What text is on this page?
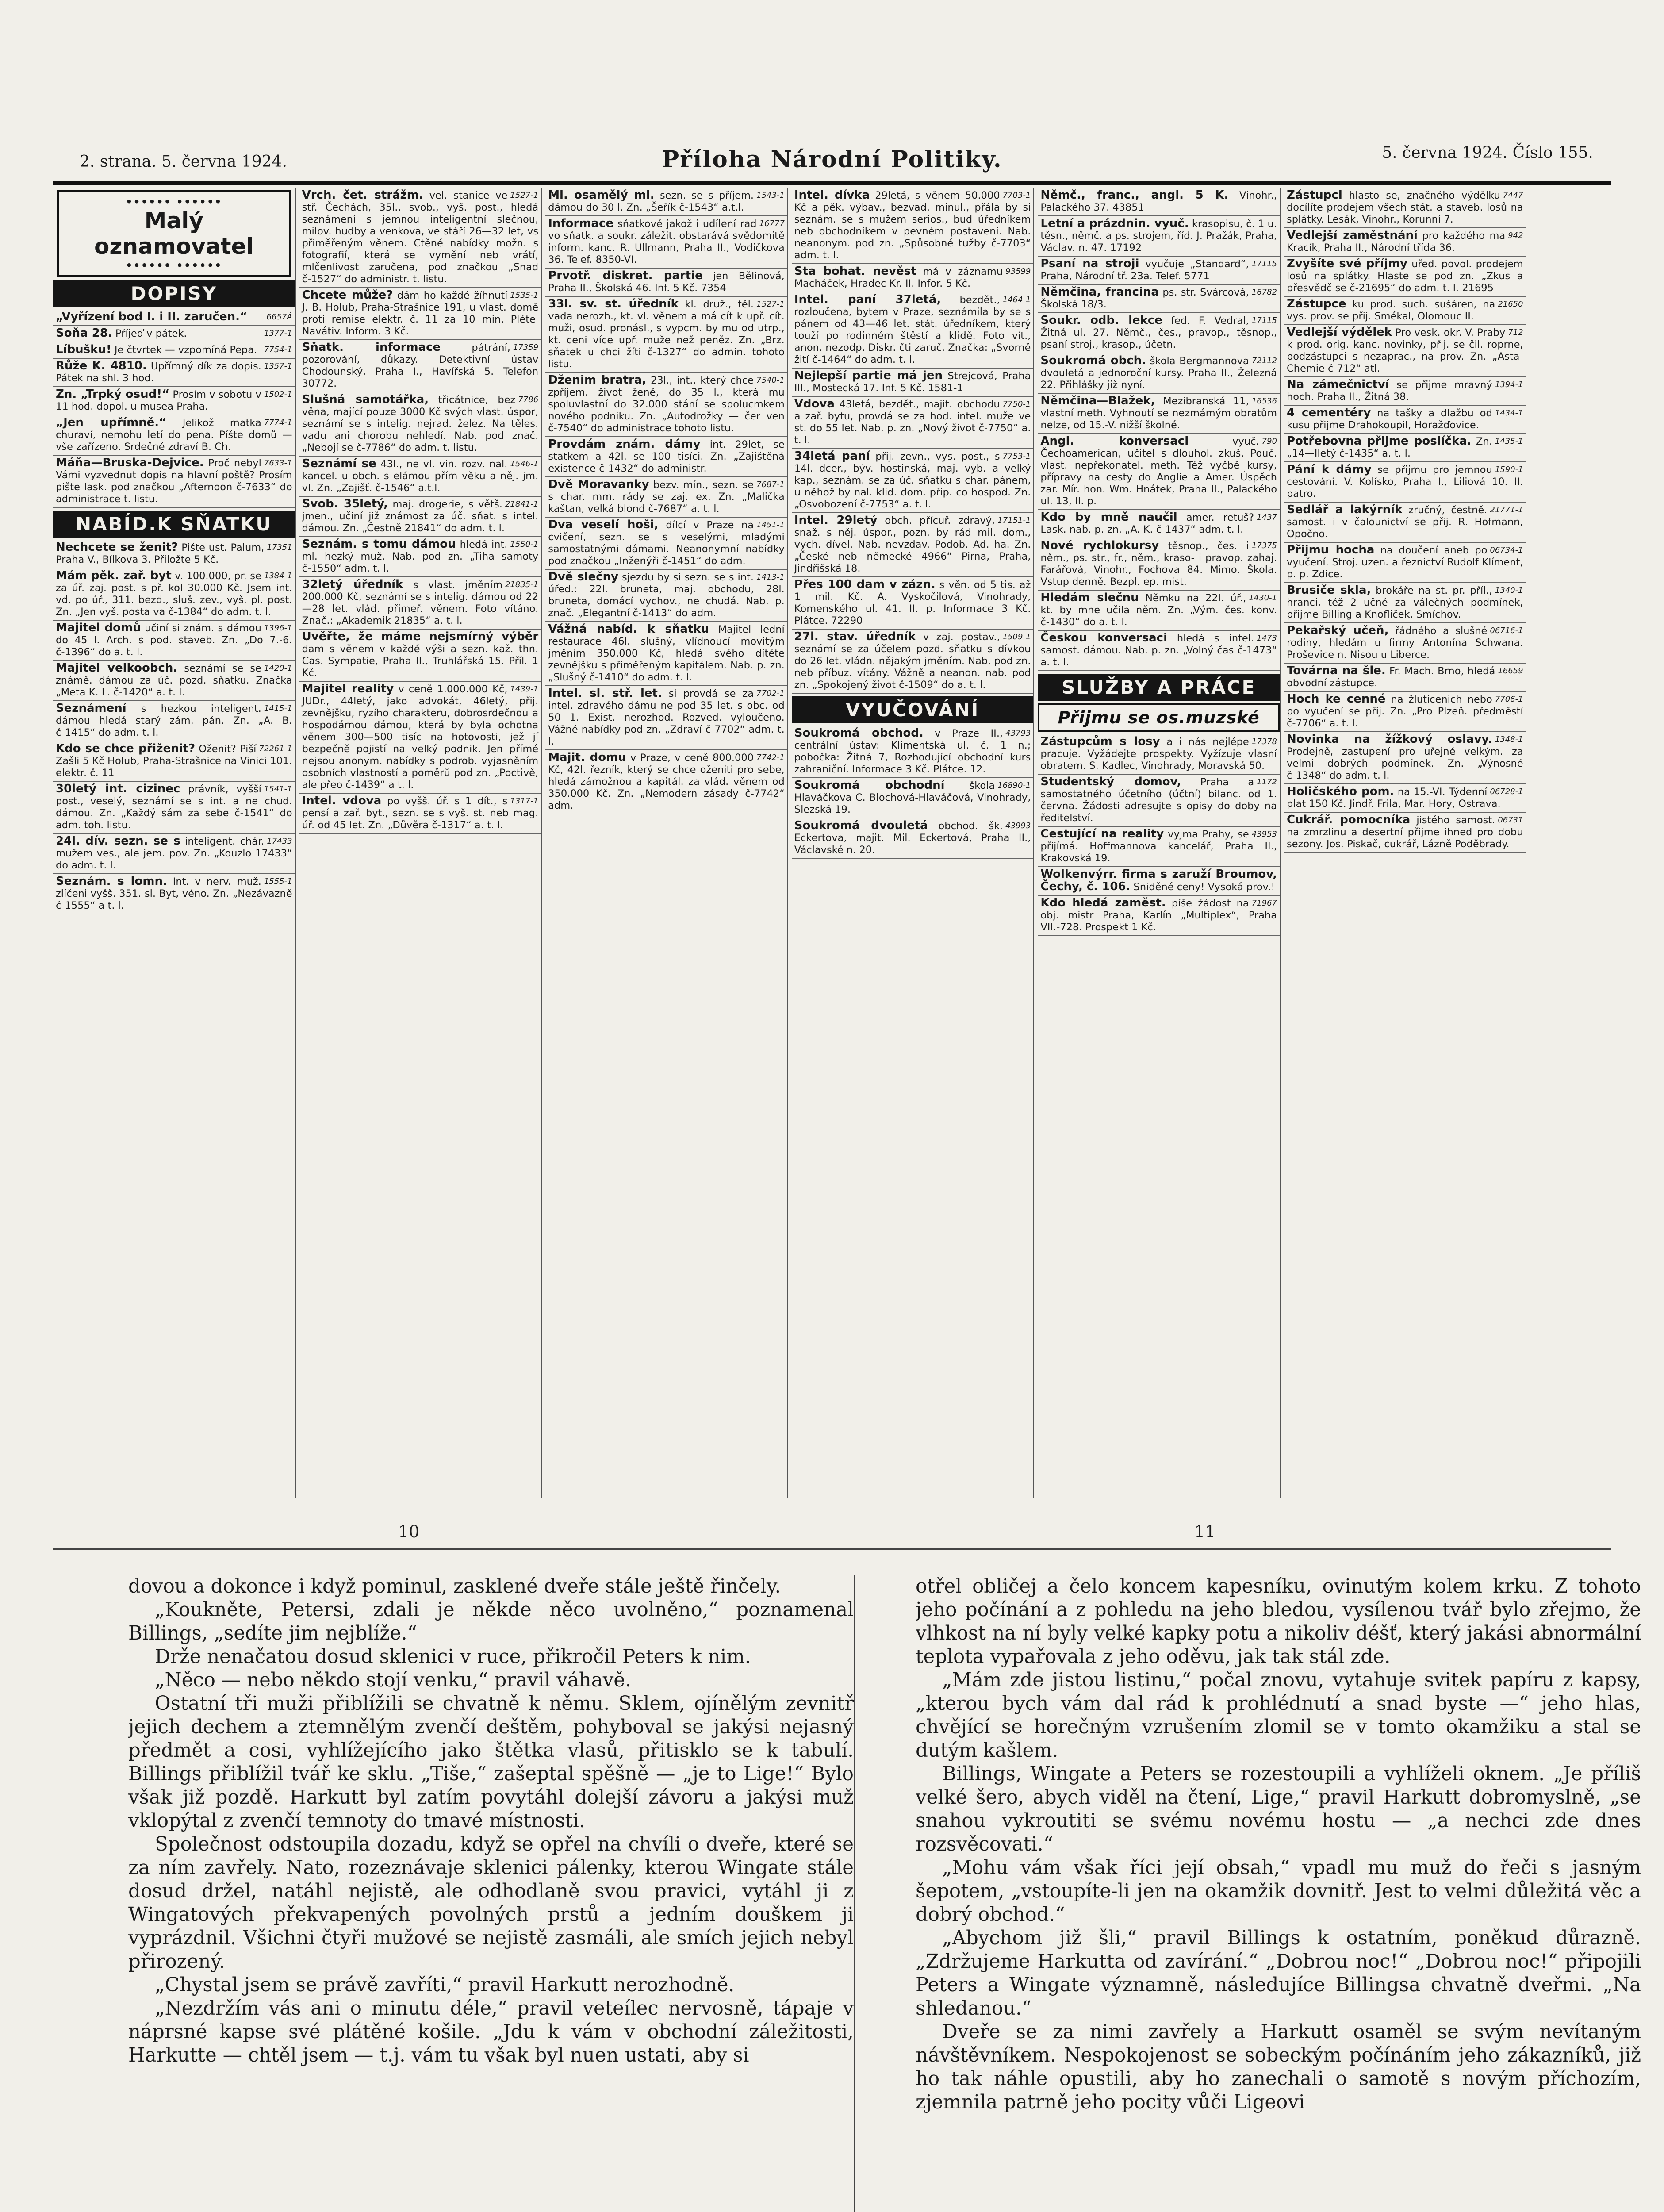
2. strana. 5. června 1924.	Příloha Národní Politiky.	5. června 1924. Číslo 155.
•••••• ••••••
Malý
oznamovatel
•••••• ••••••
DOPISY
6657Á
„Vyřízení bod I. i II. zaručen.“
1377-1
Soňa 28. Příjeď v pátek.
7754-1
Líbušku! Je čtvrtek — vzpomíná Pepa.
1357-1
Růže K. 4810. Upřímný dík za dopis. Pátek na shl. 3 hod.
1502-1
Zn. „Trpký osud!“ Prosím v sobotu v 11 hod. dopol. u musea Praha.
7774-1
„Jen upřímně.“ Jelikož matka churaví, nemohu letí do pena. Píšte domů — vše zařízeno. Srdečné zdraví B. Ch.
7633-1
Máňa—Bruska-Dejvice. Proč nebyl Vámi vyzvednut dopis na hlavní poště? Prosím pište lask. pod značkou „Afternoon č-7633“ do administrace t. listu.
NABÍD.K SŇATKU
17351
Nechcete se ženit? Pište ust. Palum, Praha V., Bílkova 3. Přiložte 5 Kč.
1384-1
Mám pěk. zař. byt v. 100.000, pr. se za úř. zaj. post. s př. kol 30.000 Kč. Jsem int. vd. po úř., 311. bezd., sluš. zev., vyš. pl. post. Zn. „Jen vyš. posta va č-1384“ do adm. t. l.
1396-1
Majitel domů učiní si znám. s dámou do 45 l. Arch. s pod. staveb. Zn. „Do 7.-6. č-1396“ do a. t. l.
1420-1
Majitel velkoobch. seznámí se se známě. dámou za úč. pozd. sňatku. Značka „Meta K. L. č-1420“ a. t. l.
1415-1
Seznámení s hezkou inteligent. dámou hledá starý zám. pán. Zn. „A. B. č-1415“ do adm. t. l.
72261-1
Kdo se chce přiženit? Oženit? Piší Zašli 5 Kč Holub, Praha-Strašnice na Vinici 101. elektr. č. 11
1541-1
30letý int. cizinec právník, vyšší post., veselý, seznámí se s int. a ne chud. dámou. Zn. „Každý sám za sebe č-1541“ do adm. toh. listu.
17433
24l. dív. sezn. se s inteligent. chár. mužem ves., ale jem. pov. Zn. „Kouzlo 17433“ do adm. t. l.
1555-1
Seznám. s lomn. Int. v nerv. muž. zlíčeni vyšš. 351. sl. Byt, véno. Zn. „Nezávazně č-1555“ a t. l.
1527-1
Vrch. čet. strážm. vel. stanice ve stř. Čechách, 35l., svob., vyš. post., hledá seznámení s jemnou inteligentní slečnou, milov. hudby a venkova, ve stáří 26—32 let, vs přiměřeným věnem. Ctěné nabídky možn. s fotografií, která se vymění neb vrátí, mlčenlivost zaručena, pod značkou „Snad č-1527“ do administr. t. listu.
1535-1
Chcete může? dám ho každé žíhnutí J. B. Holub, Praha-Strašnice 191, u vlast. domě proti remise elektr. č. 11 za 10 min. Plétel Navátiv. Inform. 3 Kč.
17359
Sňatk. informace	pátrání, pozorování, důkazy. Detektivní ústav Chodounský, Praha I., Havířská 5. Telefon 30772.
7786
Slušná samotářka, třicátnice, bez věna, mající pouze 3000 Kč svých vlast. úspor, seznámí se s intelig. nejrad. želez. Na těles. vadu ani chorobu nehledí. Nab. pod znač. „Nebojí se č-7786“ do adm. t. listu.
1546-1
Seznámí se 43l., ne vl. vin. rozv. nal. kancel. u obch. s elámou přím věku a něj. jm. vl. Zn. „Zajišť. č-1546“ a.t.l.
21841-1
Svob. 35letý, maj. drogerie, s větš. jmen., učiní již známost za úč. sňat. s intel. dámou. Zn. „Čestně 21841“ do adm. t. l.
1550-1
Seznám. s tomu dámou hledá int. ml. hezký muž. Nab. pod zn. „Tiha samoty č-1550“ adm. t. l.
21835-1
32letý úředník s vlast. jměním 200.000 Kč, seznámí se s intelig. dámou od 22—28 let. vlád. přimeř. věnem. Foto vítáno. Znač.: „Akademik 21835“ a. t. l.
Uvěřte, že máme nejsmírný výběr dam s věnem v každé výši a sezn. kaž. thn. Cas. Sympatie, Praha II., Truhlářská 15. Příl. 1 Kč.
1439-1
Majitel reality v ceně 1.000.000 Kč, JUDr., 44letý, jako advokát, 46letý, přij. zevnějšku, ryzího charakteru, dobrosrdečnou a hospodárnou dámou, která by byla ochotna věnem 300—500 tisíc na hotovosti, jež jí bezpečně pojistí na velký podnik. Jen přímé nejsou anonym. nabídky s podrob. vyjasněním osobních vlastností a poměrů pod zn. „Poctivě, ale přeo č-1439“ a t. l.
1317-1
Intel. vdova po vyšš. úř. s 1 dít., s pensí a zař. byt., sezn. se s vyš. st. neb mag. úř. od 45 let. Zn. „Důvěra č-1317“ a. t. l.
1543-1
Ml. osamělý ml. sezn. se s příjem. dámou do 30 l. Zn. „Šeřík č-1543“ a.t.l.
16777
Informace sňatkové jakož i udílení rad vo sňatk. a soukr. záležit. obstarává svědomitě inform. kanc. R. Ullmann, Praha II., Vodičkova 36. Telef. 8350-VI.
Prvotř. diskret. partie jen Bělinová, Praha II., Školská 46. Inf. 5 Kč. 7354
1527-1
33l. sv. st. úředník kl. druž., těl. vada nerozh., kt. vl. věnem a má cít k upř. cít. muži, osud. pronásl., s vypcm. by mu od utrp., kt. ceni více upř. muže než peněz. Zn. „Brz. sňatek u chci žíti č-1327“ do admin. tohoto listu.
7540-1
Dženim bratra, 23l., int., který chce zpříjem. život ženě, do 35 l., která mu spoluvlastní do 32.000 stání se spolucmkem nového podniku. Zn. „Autodrožky — čer ven č-7540“ do administrace tohoto listu.
Provdám znám. dámy int. 29let, se statkem a 42l. se 100 tisíci. Zn. „Zajištěná existence č-1432“ do administr.
7687-1
Dvě Moravanky bezv. mín., sezn. se s char. mm. rády se zaj. ex. Zn. „Malička kaštan, velká blond č-7687“ a. t. l.
1451-1
Dva veselí hoši, dílcí v Praze na cvičení, sezn. se s veselými, mladými samostatnými dámami. Neanonymní nabídky pod značkou „Inženýři č-1451“ do adm.
1413-1
Dvě slečny sjezdu by si sezn. se s int. úřed.: 22l. bruneta, maj. obchodu, 28l. bruneta, domácí vychov., ne chudá. Nab. p. znač. „Elegantní č-1413“ do adm.
Vážná nabíd. k sňatku Majitel lední restaurace 46l. slušný, vlídnoucí movitým jměním 350.000 Kč, hledá svého dítěte zevnějšku s přiměřeným kapitálem. Nab. p. zn. „Slušný č-1410“ do adm. t. l.
7702-1
Intel. sl. stř. let. si provdá se za intel. zdravého dámu ne pod 35 let. s obc. od 50 1. Exist. nerozhod. Rozved. vyloučeno. Vážné nabídky pod zn. „Zdraví č-7702“ adm. t. l.
7742-1
Majit. domu v Praze, v ceně 800.000 Kč, 42l. řezník, který se chce oženiti pro sebe, hledá zámožnou a kapitál. za vlád. věnem od 350.000 Kč. Zn. „Nemodern zásady č-7742“ adm.
7703-1
Intel. dívka 29letá, s věnem 50.000 Kč a pěk. výbav., bezvad. minul., přála by si seznám. se s mužem serios., bud úředníkem neb obchodníkem v pevném postavení. Nab. neanonym. pod zn. „Spůsobné tužby č-7703“ adm. t. l.
93599
Sta bohat. nevěst má v záznamu Macháček, Hradec Kr. II. Infor. 5 Kč.
1464-1
Intel. paní 37letá, bezdět., rozloučena, bytem v Praze, seznámila by se s pánem od 43—46 let. stát. úředníkem, který touží po rodinném štěstí a klidě. Foto vít., anon. nezodp. Diskr. čti zaruč. Značka: „Svorně žití č-1464“ do adm. t. l.
Nejlepší partie má jen Strejcová, Praha III., Mostecká 17. Inf. 5 Kč. 1581-1
7750-1
Vdova 43letá, bezdět., majit. obchodu a zař. bytu, provdá se za hod. intel. muže ve st. do 55 let. Nab. p. zn. „Nový život č-7750“ a. t. l.
7753-1
34letá paní přij. zevn., vys. post., s 14l. dcer., býv. hostinská, maj. vyb. a velký kap., seznám. se za úč. sňatku s char. pánem, u něhož by nal. klid. dom. přip. co hospod. Zn. „Osvobození č-7753“ a. t. l.
17151-1
Intel. 29letý obch. přícuř. zdravý, snaž. s něj. úspor., pozn. by rád mil. dom., vych. dível. Nab. nevzdav. Podob. Ad. ha. Zn. „České neb německé 4966“ Pirna, Praha, Jindřišská 18.
Přes 100 dam v zázn. s věn. od 5 tis. až 1 mil. Kč. A. Vyskočilová, Vinohrady, Komenského ul. 41. II. p. Informace 3 Kč. Plátce. 72290
1509-1
27l. stav. úředník v zaj. postav., seznámí se za účelem pozd. sňatku s dívkou do 26 let. vládn. nějakým jměním. Nab. pod zn. neb příbuz. vítány. Vážně a neanon. nab. pod zn. „Spokojený život č-1509“ do a. t. l.
VYUČOVÁNÍ
43793
Soukromá obchod. v Praze II., centrální ústav: Klimentská ul. č. 1 n.; pobočka: Žitná 7, Rozhodující obchodní kurs zahraniční. Informace 3 Kč. Plátce. 12.
16890-1
Soukromá obchodní škola Hlaváčkova C. Blochová-Hlaváčová, Vinohrady, Slezská 19.
43993
Soukromá dvouletá obchod. šk. Eckertova, majit. Mil. Eckertová, Praha II., Václavské n. 20.
Němč., franc., angl. 5 K. Vinohr., Palackého 37. 43851
Letní a prázdnin. vyuč. krasopisu, č. 1 u. těsn., němč. a ps. strojem, říd. J. Pražák, Praha, Václav. n. 47. 17192
17115
Psaní na stroji vyučuje „Standard“, Praha, Národní tř. 23a. Telef. 5771
16782
Němčina, francina ps. str. Svárcová, Školská 18/3.
17115
Soukr. odb. lekce fed. F. Vedral, Žitná ul. 27. Němč., čes., pravop., těsnop., psaní stroj., krasop., účetn.
72112
Soukromá obch. škola Bergmannova dvouletá a jednoroční kursy. Praha II., Železná 22. Přihlášky již nyní.
16536
Němčina—Blažek, Mezibranská 11, vlastní meth. Vyhnoutí se nezmámým obratům nelze, od 15.-V. nižší školné.
790
Angl. konversaci	vyuč. Čechoamerican, učitel s dlouhol. zkuš. Pouč. vlast. nepřekonatel. meth. Též vyčbě kursy, přípravy na cesty do Anglie a Amer. Úspěch zar. Mír. hon. Wm. Hnátek, Praha II., Palackého ul. 13, II. p.
1437
Kdo by mně naučil amer. retuš? Lask. nab. p. zn. „A. K. č-1437“ adm. t. l.
17375
Nové rychlokursy těsnop., čes. i něm., ps. str., fr., něm., kraso- i pravop. zahaj. Farářová, Vinohr., Fochova 84. Mimo. Škola. Vstup denně. Bezpl. ep. mist.
1430-1
Hledám slečnu Němku na 22l. úř., kt. by mne učila něm. Zn. „Vým. čes. konv. č-1430“ do a. t. l.
1473
Českou konversaci hledá s intel. samost. dámou. Nab. p. zn. „Volný čas č-1473“ a. t. l.
SLUŽBY A PRÁCE
Přijmu se os.muzské
17378
Zástupcům s losy a i nás nejlépe pracuje. Vyžádejte prospekty. Vyžízuje vlasní obratem. S. Kadlec, Vinohrady, Moravská 50.
1172
Studentský domov, Praha a samostatného účetního (účtní) bilanc. od 1. června. Žádosti adresujte s opisy do doby na ředitelství.
43953
Cestující na reality vyjma Prahy, se přijímá. Hoffmannova kancelář, Praha II., Krakovská 19.
Wolkenvýrr. firma s zaruží Broumov, Čechy, č. 106. Sniděné ceny! Vysoká prov.!
71967
Kdo hledá zaměst. píše žádost na obj. mistr Praha, Karlín „Multiplex“, Praha VII.-728. Prospekt 1 Kč.
7447
Zástupci hlasto se, značného výdělku docílíte prodejem všech stát. a staveb. losů na splátky. Lesák, Vinohr., Korunní 7.
942
Vedlejší zaměstnání pro každého ma Kracík, Praha II., Národní třída 36.
Zvyšíte své příjmy uřed. povol. prodejem losů na splátky. Hlaste se pod zn. „Zkus a přesvědč se č-21695“ do adm. t. l. 21695
21650
Zástupce ku prod. such. sušáren, na vys. prov. se přij. Smékal, Olomouc II.
712
Vedlejší výdělek Pro vesk. okr. V. Praby k prod. orig. kanc. novinky, přij. se čil. roprne, podzástupci s nezaprac., na prov. Zn. „Asta-Chemie č-712“ atl.
1394-1
Na zámečnictví se přijme mravný hoch. Praha II., Žitná 38.
1434-1
4 cementéry na tašky a dlažbu od kusu přijme Drahokoupil, Horažďovice.
1435-1
Potřebovna přijme poslíčka. Zn. „14—Iletý č-1435“ a. t. l.
1590-1
Pání k dámy se přijmu pro jemnou cestování. V. Kolísko, Praha I., Liliová 10. II. patro.
21771-1
Sedlář a lakýrník zručný, čestně. samost. i v čalounictví se přij. R. Hofmann, Opočno.
06734-1
Přijmu hocha na doučení aneb po vyučení. Stroj. uzen. a řeznictví Rudolf Klíment, p. p. Zdice.
1340-1
Brusiče skla, brokáře na st. pr. příl., hranci, též 2 učně za válečných podmínek, přijme Billing a Knofliček, Smíchov.
06716-1
Pekařský učeň, řádného a slušné rodiny, hledám u firmy Antonína Schwana. Proševice n. Nisou u Liberce.
16659
Továrna na šle. Fr. Mach. Brno, hledá obvodní zástupce.
7706-1
Hoch ke cenné na žluticenich nebo po vyučení se přij. Zn. „Pro Plzeň. předměstí č-7706“ a. t. l.
1348-1
Novinka na žížkový oslavy. Prodejně, zastupení pro uřejné velkým. za velmi dobrých podmínek. Zn. „Výnosné č-1348“ do adm. t. l.
06728-1
Holičského pom. na 15.-VI. Týdenní plat 150 Kč. Jindř. Frila, Mar. Hory, Ostrava.
06731
Cukrář. pomocníka jistého samost. na zmrzlinu a desertní přijme ihned pro dobu sezony. Jos. Piskač, cukrář, Lázně Poděbrady.
10	11

dovou a dokonce i když pominul, zasklené dveře stále ještě řinčely.

„Koukněte, Petersi, zdali je někde něco uvolněno,“ poznamenal Billings, „sedíte jim nejblíže.“

Drže nenačatou dosud sklenici v ruce, přikročil Peters k nim.

„Něco — nebo někdo stojí venku,“ pravil váhavě.

Ostatní tři muži přiblížili se chvatně k němu. Sklem, ojínělým zevnitř jejich dechem a ztemnělým zvenčí deštěm, pohyboval se jakýsi nejasný předmět a cosi, vyhlížejícího jako štětka vlasů, přitisklo se k tabulí. Billings přiblížil tvář ke sklu. „Tiše,“ zašeptal spěšně — „je to Lige!“ Bylo však již pozdě. Harkutt byl zatím povytáhl dolejší závoru a jakýsi muž vklopýtal z zvenčí temnoty do tmavé místnosti.

Společnost odstoupila dozadu, když se opřel na chvíli o dveře, které se za ním zavřely. Nato, rozeznávaje sklenici pálenky, kterou Wingate stále dosud držel, natáhl nejistě, ale odhodlaně svou pravici, vytáhl ji z Wingatových překvapených povolných prstů a jedním douškem ji vyprázdnil. Všichni čtyři mužové se nejistě zasmáli, ale smích jejich nebyl přirozený.

„Chystal jsem se právě zavříti,“ pravil Harkutt nerozhodně.

„Nezdržím vás ani o minutu déle,“ pravil veteílec nervosně, tápaje v náprsné kapse své plátěné košile. „Jdu k vám v obchodní záležitosti, Harkutte — chtěl jsem — t.j. vám tu však byl nuen ustati, aby si

otřel obličej a čelo koncem kapesníku, ovinutým kolem krku. Z tohoto jeho počínání a z pohledu na jeho bledou, vysílenou tvář bylo zřejmo, že vlhkost na ní byly velké kapky potu a nikoliv déšť, který jakási abnormální teplota vypařovala z jeho oděvu, jak tak stál zde.

„Mám zde jistou listinu,“ počal znovu, vytahuje svitek papíru z kapsy, „kterou bych vám dal rád k prohlédnutí a snad byste —“ jeho hlas, chvějící se horečným vzrušením zlomil se v tomto okamžiku a stal se dutým kašlem.

Billings, Wingate a Peters se rozestoupili a vyhlíželi oknem. „Je příliš velké šero, abych viděl na čtení, Lige,“ pravil Harkutt dobromyslně, „se snahou vykroutiti se svému novému hostu — „a nechci zde dnes rozsvěcovati.“

„Mohu vám však říci její obsah,“ vpadl mu muž do řeči s jasným šepotem, „vstoupíte-li jen na okamžik dovnitř. Jest to velmi důležitá věc a dobrý obchod.“

„Abychom již šli,“ pravil Billings k ostatním, poněkud důrazně. „Zdržujeme Harkutta od zavírání.“ „Dobrou noc!“ „Dobrou noc!“ připojili Peters a Wingate významně, následujíce Billingsa chvatně dveřmi. „Na shledanou.“

Dveře se za nimi zavřely a Harkutt osaměl se svým nevítaným návštěvníkem. Nespokojenost se sobeckým počínáním jeho zákazníků, již ho tak náhle opustili, aby ho zanechali o samotě s novým příchozím, zjemnila patrně jeho pocity vůči Ligeovi
